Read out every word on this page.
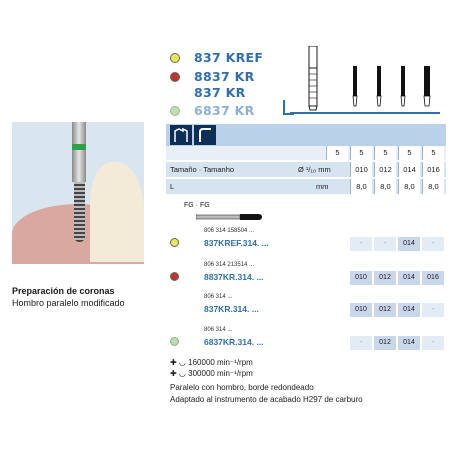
837 KREF
8837 KR
837 KR
6837 KR
Preparación de coronas
Hombro paralelo modificado
5	5	5	5	5
Tamaño · Tamanho	Ø ¹/₁₀ mm	010	012	014	016
L	mm	8,0	8,0	8,0	8,0
FG · FG
806 314 158504 ...
837KREF.314. ...	-	-	014	-
806 314 213514 ...
8837KR.314. ...	010	012	014	016
806 314 ...
837KR.314. ...	010	012	014	-
806 314 ...
6837KR.314. ...	-	012	014	-
✚ ◡ 160000 min⁻¹/rpm
✚ ◡ 300000 min⁻¹/rpm
Paralelo con hombro, borde redondeado
Adaptado al instrumento de acabado H297 de carburo
